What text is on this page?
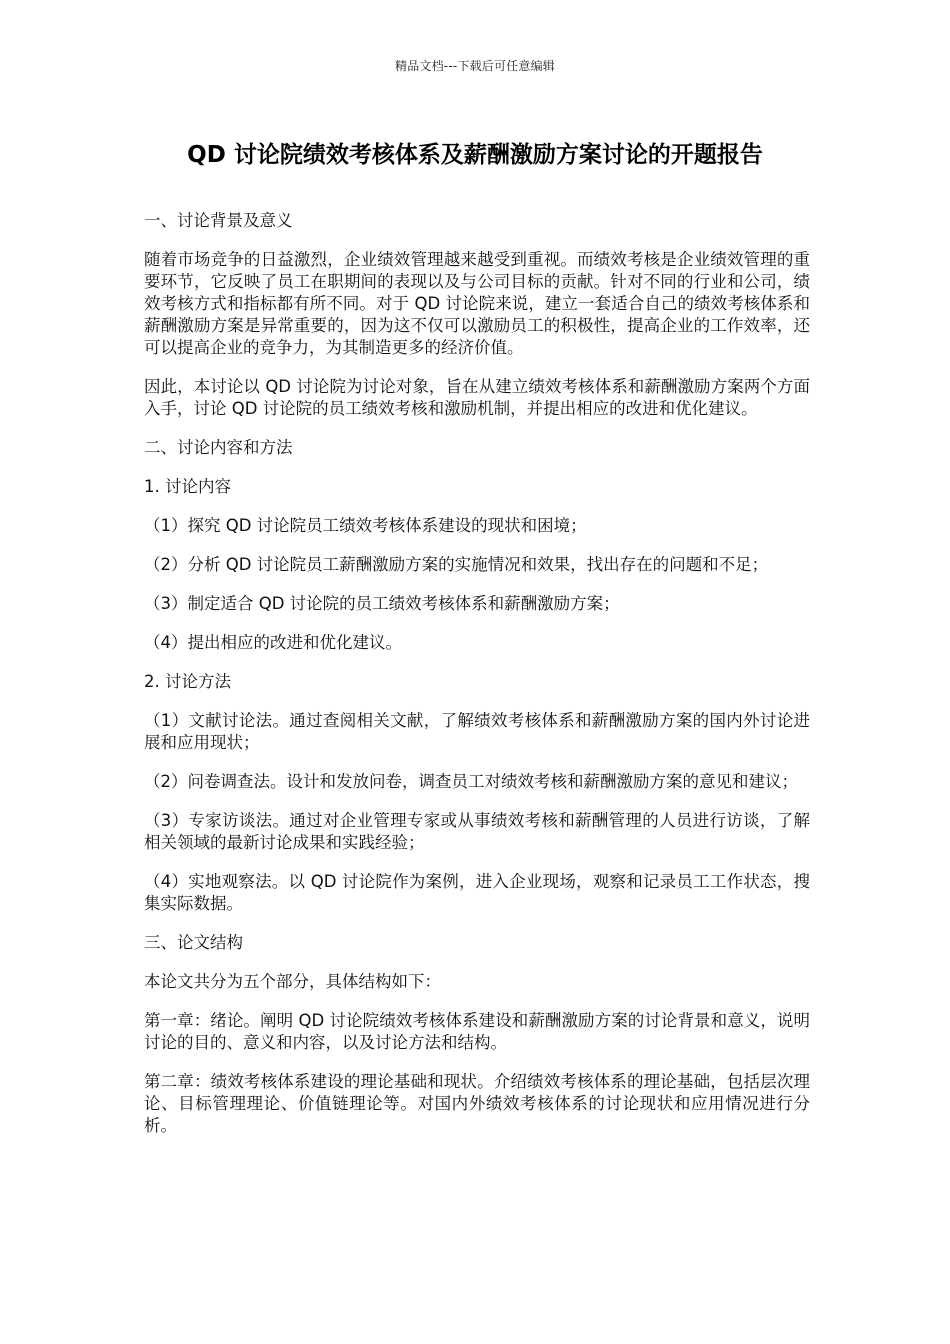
精品文档---下载后可任意编辑
QD 讨论院绩效考核体系及薪酬激励方案讨论的开题报告

一、讨论背景及意义

随着市场竞争的日益激烈，企业绩效管理越来越受到重视。而绩效考核是企业绩效管理的重要环节，它反映了员工在职期间的表现以及与公司目标的贡献。针对不同的行业和公司，绩效考核方式和指标都有所不同。对于 QD 讨论院来说，建立一套适合自己的绩效考核体系和薪酬激励方案是异常重要的，因为这不仅可以激励员工的积极性，提高企业的工作效率，还可以提高企业的竞争力，为其制造更多的经济价值。

因此，本讨论以 QD 讨论院为讨论对象，旨在从建立绩效考核体系和薪酬激励方案两个方面入手，讨论 QD 讨论院的员工绩效考核和激励机制，并提出相应的改进和优化建议。

二、讨论内容和方法

1. 讨论内容

（1）探究 QD 讨论院员工绩效考核体系建设的现状和困境；

（2）分析 QD 讨论院员工薪酬激励方案的实施情况和效果，找出存在的问题和不足；

（3）制定适合 QD 讨论院的员工绩效考核体系和薪酬激励方案；

（4）提出相应的改进和优化建议。

2. 讨论方法

（1）文献讨论法。通过查阅相关文献，了解绩效考核体系和薪酬激励方案的国内外讨论进展和应用现状；

（2）问卷调查法。设计和发放问卷，调查员工对绩效考核和薪酬激励方案的意见和建议；

（3）专家访谈法。通过对企业管理专家或从事绩效考核和薪酬管理的人员进行访谈，了解相关领域的最新讨论成果和实践经验；

（4）实地观察法。以 QD 讨论院作为案例，进入企业现场，观察和记录员工工作状态，搜集实际数据。

三、论文结构

本论文共分为五个部分，具体结构如下：

第一章：绪论。阐明 QD 讨论院绩效考核体系建设和薪酬激励方案的讨论背景和意义，说明讨论的目的、意义和内容，以及讨论方法和结构。

第二章：绩效考核体系建设的理论基础和现状。介绍绩效考核体系的理论基础，包括层次理论、目标管理理论、价值链理论等。对国内外绩效考核体系的讨论现状和应用情况进行分析。
